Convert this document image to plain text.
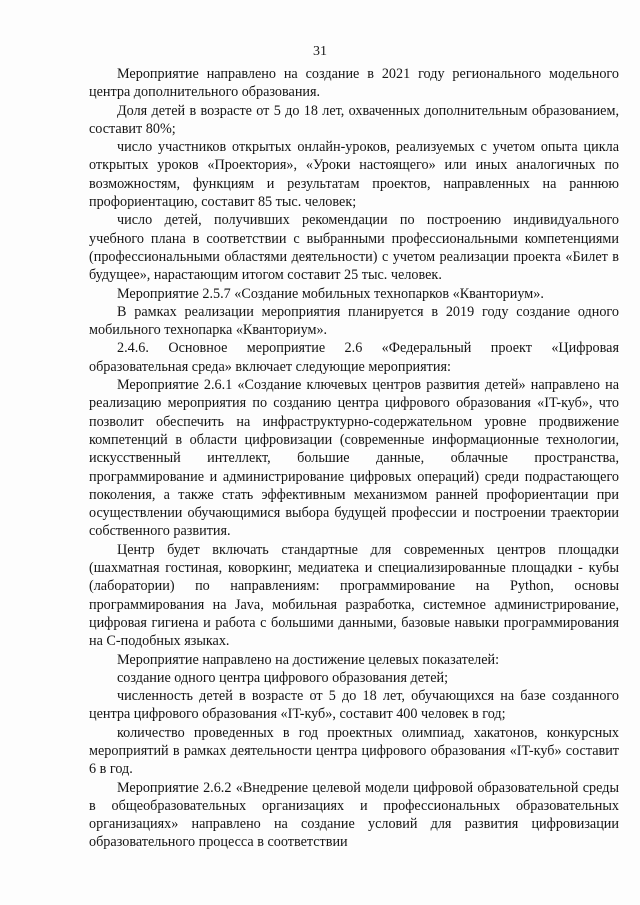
31

Мероприятие направлено на создание в 2021 году регионального модельного центра дополнительного образования.

Доля детей в возрасте от 5 до 18 лет, охваченных дополнительным образованием, составит 80%;

число участников открытых онлайн-уроков, реализуемых с учетом опыта цикла открытых уроков «Проектория», «Уроки настоящего» или иных аналогичных по возможностям, функциям и результатам проектов, направленных на раннюю профориентацию, составит 85 тыс. человек;

число детей, получивших рекомендации по построению индивидуального учебного плана в соответствии с выбранными профессиональными компетенциями (профессиональными областями деятельности) с учетом реализации проекта «Билет в будущее», нарастающим итогом составит 25 тыс. человек.

Мероприятие 2.5.7 «Создание мобильных технопарков «Кванториум».

В рамках реализации мероприятия планируется в 2019 году создание одного мобильного технопарка «Кванториум».

2.4.6. Основное мероприятие 2.6 «Федеральный проект «Цифровая образовательная среда» включает следующие мероприятия:

Мероприятие 2.6.1 «Создание ключевых центров развития детей» направлено на реализацию мероприятия по созданию центра цифрового образования «IT-куб», что позволит обеспечить на инфраструктурно-содержательном уровне продвижение компетенций в области цифровизации (современные информационные технологии, искусственный интеллект, большие данные, облачные пространства, программирование и администрирование цифровых операций) среди подрастающего поколения, а также стать эффективным механизмом ранней профориентации при осуществлении обучающимися выбора будущей профессии и построении траектории собственного развития.

Центр будет включать стандартные для современных центров площадки (шахматная гостиная, коворкинг, медиатека и специализированные площадки - кубы (лаборатории) по направлениям: программирование на Python, основы программирования на Java, мобильная разработка, системное администрирование, цифровая гигиена и работа с большими данными, базовые навыки программирования на С-подобных языках.

Мероприятие направлено на достижение целевых показателей:

создание одного центра цифрового образования детей;

численность детей в возрасте от 5 до 18 лет, обучающихся на базе созданного центра цифрового образования «IT-куб», составит 400 человек в год;

количество проведенных в год проектных олимпиад, хакатонов, конкурсных мероприятий в рамках деятельности центра цифрового образования «IT-куб» составит 6 в год.

Мероприятие 2.6.2 «Внедрение целевой модели цифровой образовательной среды в общеобразовательных организациях и профессиональных образовательных организациях» направлено на создание условий для развития цифровизации образовательного процесса в соответствии
